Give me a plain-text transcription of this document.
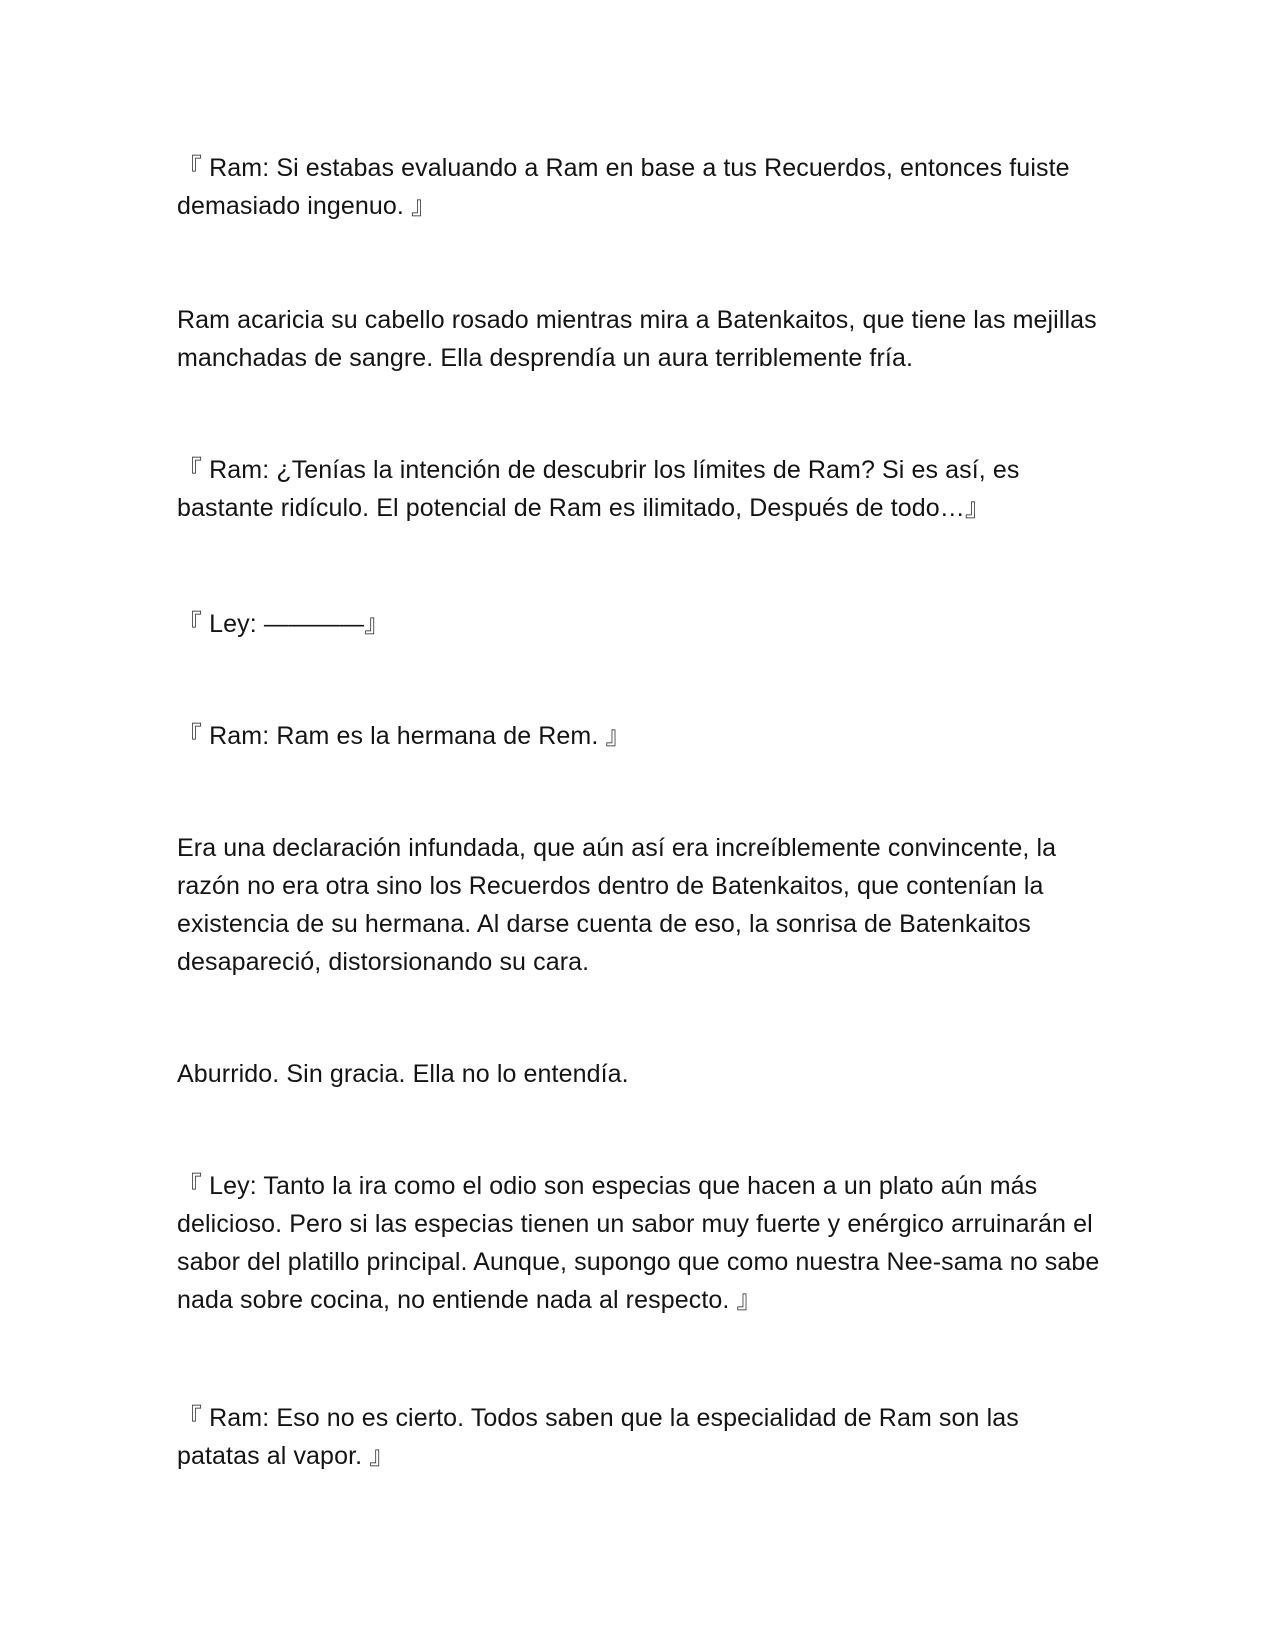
『 Ram: Si estabas evaluando a Ram en base a tus Recuerdos, entonces fuiste demasiado ingenuo. 』

Ram acaricia su cabello rosado mientras mira a Batenkaitos, que tiene las mejillas manchadas de sangre. Ella desprendía un aura terriblemente fría.

『 Ram: ¿Tenías la intención de descubrir los límites de Ram? Si es así, es bastante ridículo. El potencial de Ram es ilimitado, Después de todo…』

『 Ley: ————』

『 Ram: Ram es la hermana de Rem. 』

Era una declaración infundada, que aún así era increíblemente convincente, la razón no era otra sino los Recuerdos dentro de Batenkaitos, que contenían la existencia de su hermana. Al darse cuenta de eso, la sonrisa de Batenkaitos desapareció, distorsionando su cara.

Aburrido. Sin gracia. Ella no lo entendía.

『 Ley: Tanto la ira como el odio son especias que hacen a un plato aún más delicioso. Pero si las especias tienen un sabor muy fuerte y enérgico arruinarán el sabor del platillo principal. Aunque, supongo que como nuestra Nee-sama no sabe nada sobre cocina, no entiende nada al respecto. 』

『 Ram: Eso no es cierto. Todos saben que la especialidad de Ram son las patatas al vapor. 』
